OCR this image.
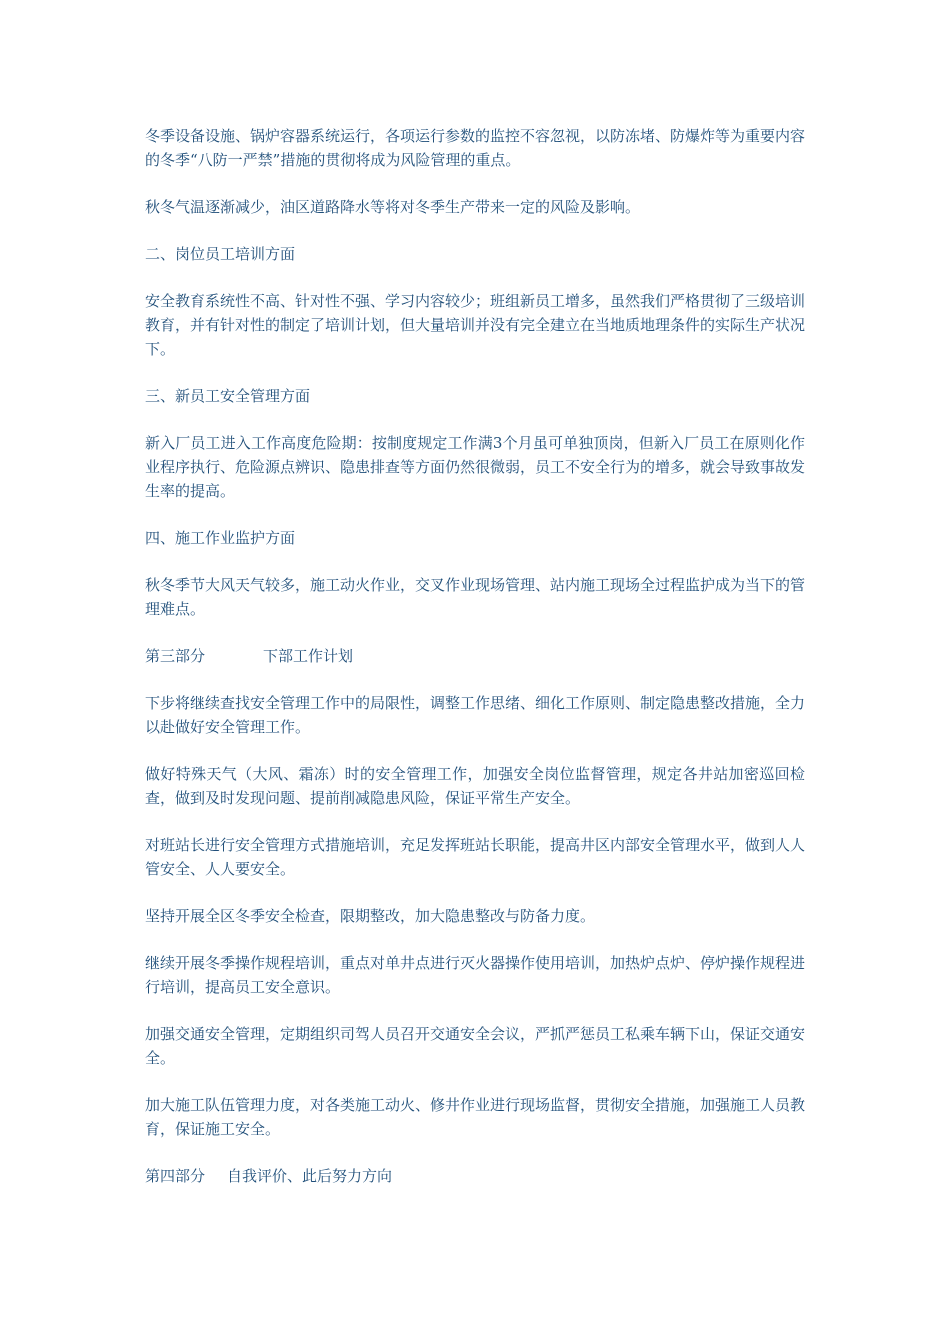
冬季设备设施、锅炉容器系统运行，各项运行参数的监控不容忽视，以防冻堵、防爆炸等为重要内容的冬季“八防一严禁”措施的贯彻将成为风险管理的重点。

秋冬气温逐渐减少，油区道路降水等将对冬季生产带来一定的风险及影响。

二、岗位员工培训方面

安全教育系统性不高、针对性不强、学习内容较少；班组新员工增多，虽然我们严格贯彻了三级培训教育，并有针对性的制定了培训计划，但大量培训并没有完全建立在当地质地理条件的实际生产状况下。

三、新员工安全管理方面

新入厂员工进入工作高度危险期：按制度规定工作满3个月虽可单独顶岗，但新入厂员工在原则化作业程序执行、危险源点辨识、隐患排查等方面仍然很微弱，员工不安全行为的增多，就会导致事故发生率的提高。

四、施工作业监护方面

秋冬季节大风天气较多，施工动火作业，交叉作业现场管理、站内施工现场全过程监护成为当下的管理难点。

第三部分	下部工作计划

下步将继续查找安全管理工作中的局限性，调整工作思绪、细化工作原则、制定隐患整改措施，全力以赴做好安全管理工作。

做好特殊天气（大风、霜冻）时的安全管理工作，加强安全岗位监督管理，规定各井站加密巡回检查，做到及时发现问题、提前削减隐患风险，保证平常生产安全。

对班站长进行安全管理方式措施培训，充足发挥班站长职能，提高井区内部安全管理水平，做到人人管安全、人人要安全。

坚持开展全区冬季安全检查，限期整改，加大隐患整改与防备力度。

继续开展冬季操作规程培训，重点对单井点进行灭火器操作使用培训，加热炉点炉、停炉操作规程进行培训，提高员工安全意识。

加强交通安全管理，定期组织司驾人员召开交通安全会议，严抓严惩员工私乘车辆下山，保证交通安全。

加大施工队伍管理力度，对各类施工动火、修井作业进行现场监督，贯彻安全措施，加强施工人员教育，保证施工安全。

第四部分 自我评价、此后努力方向
